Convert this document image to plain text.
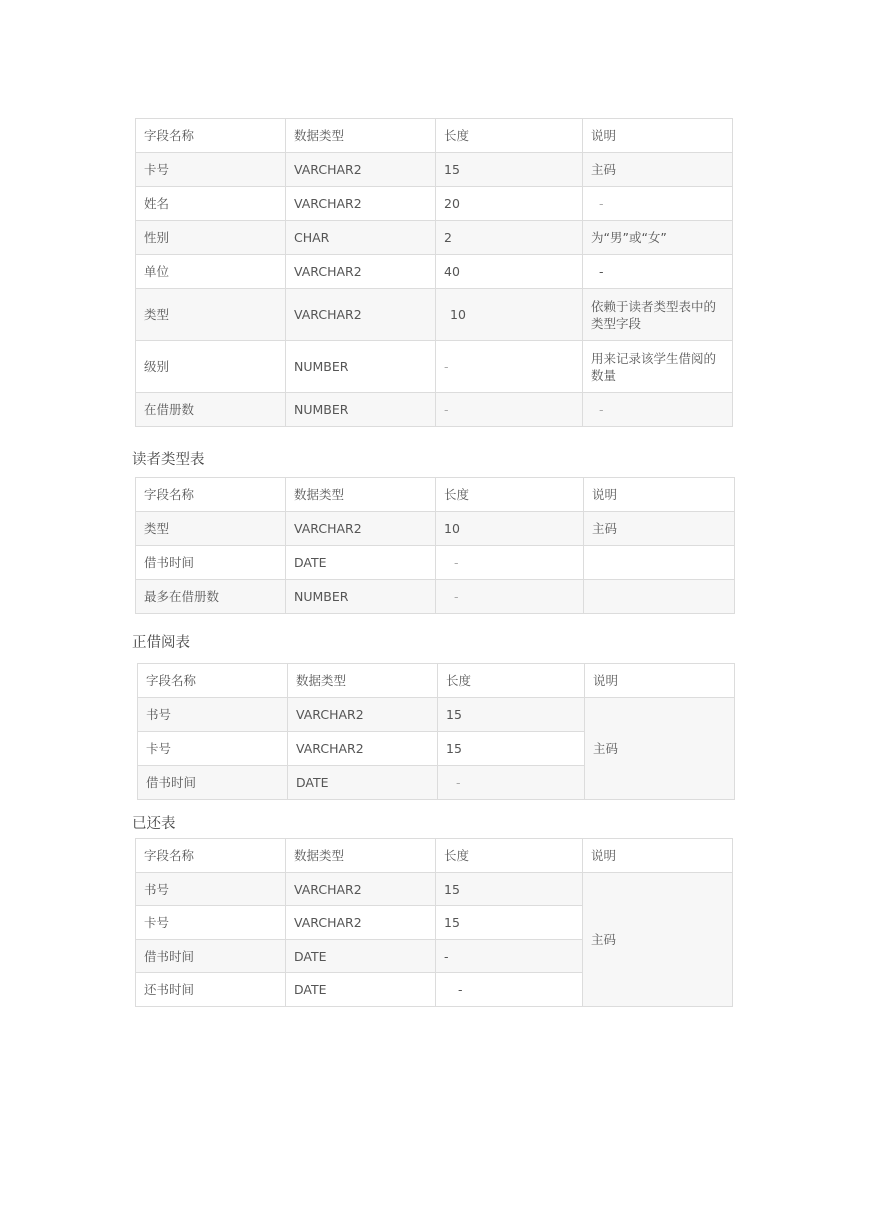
字段名称	数据类型	长度	说明
卡号	VARCHAR2	15	主码
姓名	VARCHAR2	20	-
性别	CHAR	2	为“男”或“女”
单位	VARCHAR2	40	-
类型	VARCHAR2	10	依赖于读者类型表中的类型字段
级别	NUMBER	-	用来记录该学生借阅的数量
在借册数	NUMBER	-	-
读者类型表
字段名称	数据类型	长度	说明
类型	VARCHAR2	10	主码
借书时间	DATE	-	
最多在借册数	NUMBER	-	
正借阅表
字段名称	数据类型	长度	说明
书号	VARCHAR2	15	主码
卡号	VARCHAR2	15	
借书时间	DATE	-	
已还表
字段名称	数据类型	长度	说明
书号	VARCHAR2	15	主码
卡号	VARCHAR2	15	
借书时间	DATE	-	
还书时间	DATE	-	
